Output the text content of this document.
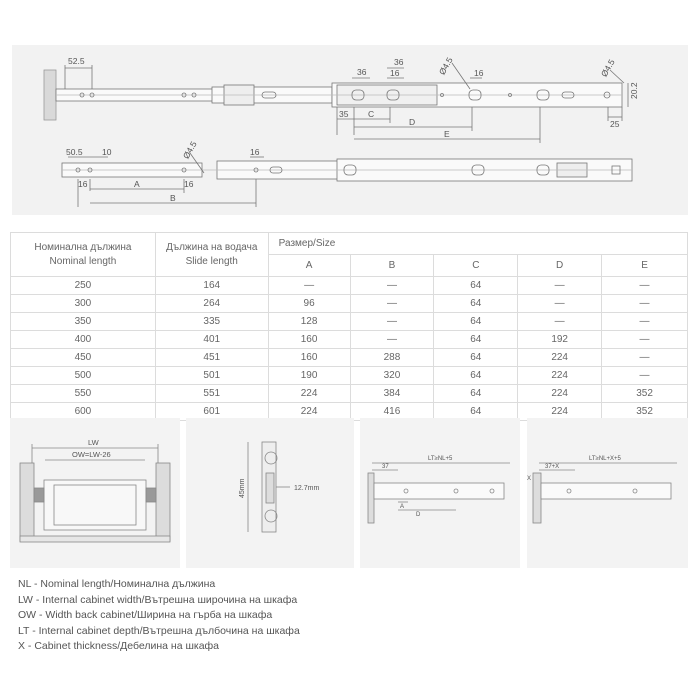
52.5
36
36
16	Ø4.5 16	Ø4.5
20.2
35 C
D
E
25
50.5 10	Ø4.5	16
16	16
A
B
Номинална дължина
Nominal length	Дължина на водача
Slide length	Размер/Size				
		A	B	C	D	E
250	164	—	—	64	—	—
300	264	96	—	64	—	—
350	335	128	—	64	—	—
400	401	160	—	64	192	—
450	451	160	288	64	224	—
500	501	190	320	64	224	—
550	551	224	384	64	224	352
600	601	224	416	64	224	352
LW
OW=LW-26
45mm	12.7mm
LT≥NL+5
37
A
D
LT≥NL+X+5
37+X
X
NL - Nominal length/Номинална дължина
LW - Internal cabinet width/Вътрешна широчина на шкафа
OW - Width back cabinet/Ширина на гърба на шкафа
LT - Internal cabinet depth/Вътрешна дълбочина на шкафа
X - Cabinet thickness/Дебелина на шкафа
